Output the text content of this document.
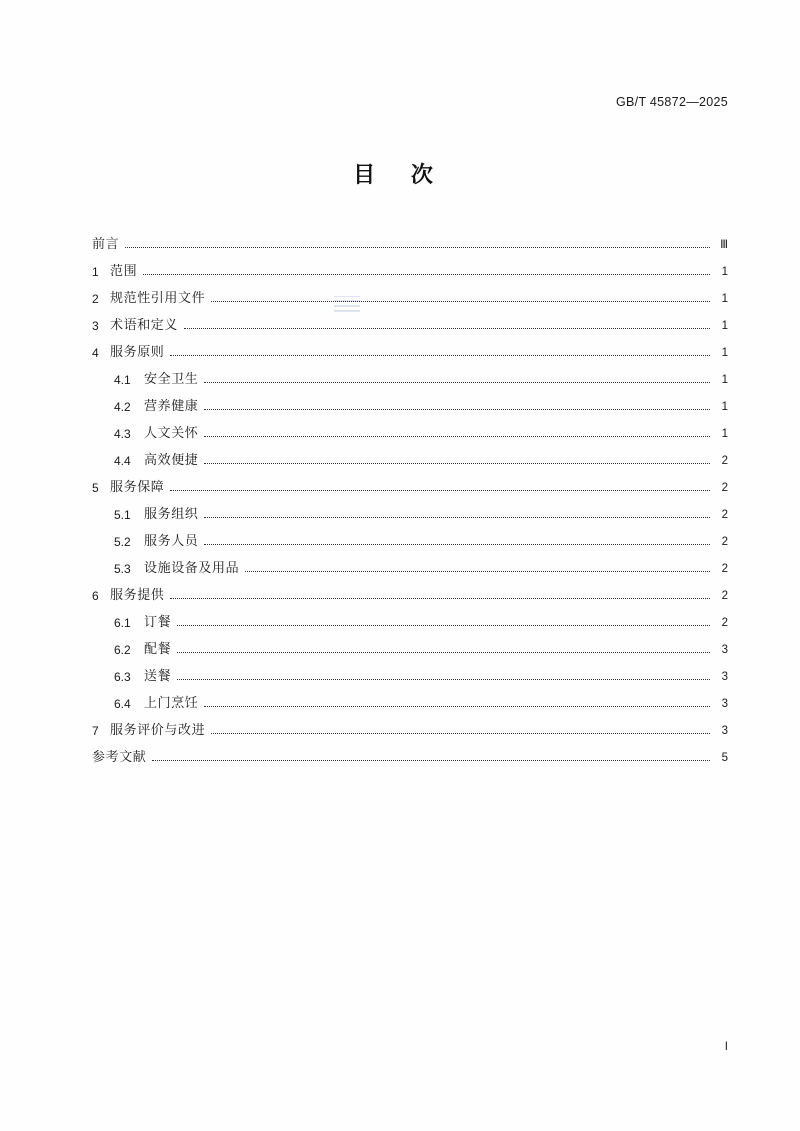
GB/T 45872—2025
目 次
前言	Ⅲ
1 范围	1
2 规范性引用文件	1
3 术语和定义	1
4 服务原则	1
4.1	安全卫生	1
4.2	营养健康	1
4.3	人文关怀	1
4.4	高效便捷	2
5 服务保障	2
5.1	服务组织	2
5.2	服务人员	2
5.3	设施设备及用品	2
6 服务提供	2
6.1	订餐	2
6.2	配餐	3
6.3	送餐	3
6.4	上门烹饪	3
7 服务评价与改进	3
参考文献	5
I
